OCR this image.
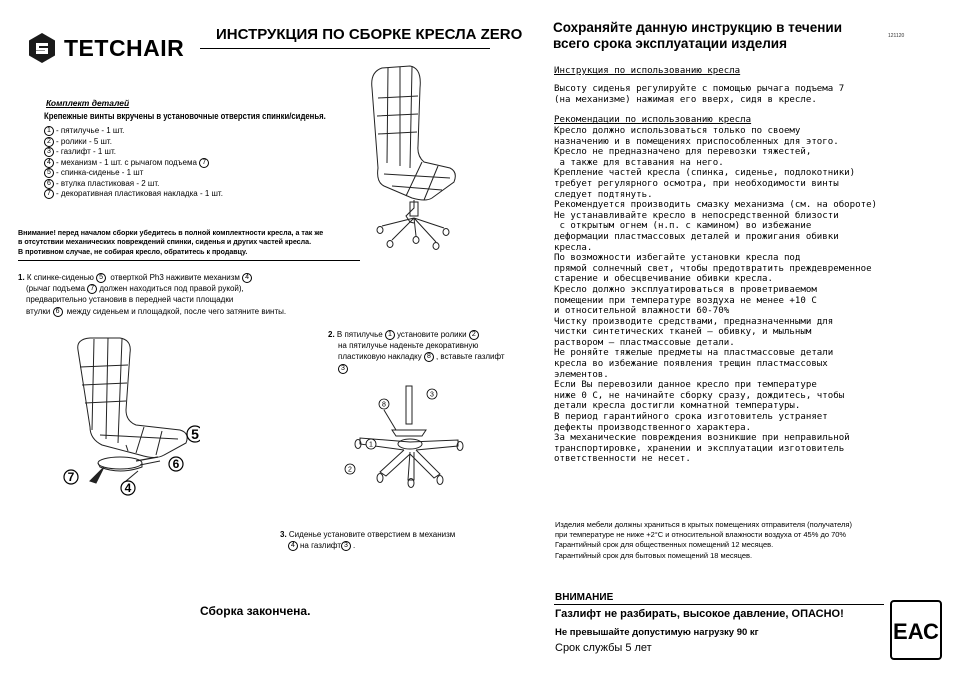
TETCHAIR ИНСТРУКЦИЯ ПО СБОРКЕ КРЕСЛА ZERO
Комплект деталей
Крепежные винты вкручены в установочные отверстия спинки/сиденья.
1 - пятилучье - 1 шт.
2 - ролики - 5 шт.
3 - газлифт - 1 шт.
4 - механизм - 1 шт. с рычагом подъема 7
5 - спинка-сиденье - 1 шт
6 - втулка пластиковая - 2 шт.
7 - декоративная пластиковая накладка - 1 шт.
Внимание! перед началом сборки убедитесь в полной комплектности кресла, а так же
в отсутствии механических повреждений спинки, сиденья и других частей кресла.
В противном случае, не собирая кресло, обратитесь к продавцу.
1. К спинке-сиденью 5 отверткой Ph3 наживите механизм 4
(рычаг подъема 7 должен находиться под правой рукой),
предварительно установив в передней части площадки
втулки 6 между сиденьем и площадкой, после чего затяните винты.
5
6
7
4
2. В пятилучье 1 установите ролики 2
на пятилучье наденьте декоративную
пластиковую накладку 8 , вставьте газлифт 3
8
3
1
2
3. Сиденье установите отверстием в механизм
4 на газлифт 3 .
Сборка закончена.
121120
Сохраняйте данную инструкцию в течении
всего срока эксплуатации изделия
Инструкция по использованию кресла
Высоту сиденья регулируйте с помощью рычага подъема 7
(на механизме) нажимая его вверх, сидя в кресле.
Рекомендации по использованию кресла
Кресло должно использоваться только по своему
назначению и в помещениях приспособленных для этого.
Кресло не предназначено для перевозки тяжестей,
а также для вставания на него.
Крепление частей кресла (спинка, сиденье, подлокотники)
требует регулярного осмотра, при необходимости винты
следует подтянуть.
Рекомендуется производить смазку механизма (см. на обороте)
Не устанавливайте кресло в непосредственной близости
с открытым огнем (н.п. с камином) во избежание
деформации пластмассовых деталей и прожигания обивки
кресла.
По возможности избегайте установки кресла под
прямой солнечный свет, чтобы предотвратить преждевременное
старение и обесцвечивание обивки кресла.
Кресло должно эксплуатироваться в проветриваемом
помещении при температуре воздуха не менее +10 С
и относительной влажности 60-70%
Чистку производите средствами, предназначенными для
чистки синтетических тканей – обивку, и мыльным
раствором – пластмассовые детали.
Не роняйте тяжелые предметы на пластмассовые детали
кресла во избежание появления трещин пластмассовых
элементов.
Если Вы перевозили данное кресло при температуре
ниже 0 С, не начинайте сборку сразу, дождитесь, чтобы
детали кресла достигли комнатной температуры.
В период гарантийного срока изготовитель устраняет
дефекты производственного характера.
За механические повреждения возникшие при неправильной
транспортировке, хранении и эксплуатации изготовитель
ответственности не несет.
Изделия мебели должны храниться в крытых помещениях отправителя (получателя)
при температуре не ниже +2°С и относительной влажности воздуха от 45% до 70%
Гарантийный срок для общественных помещений 12 месяцев.
Гарантийный срок для бытовых помещений 18 месяцев.
ВНИМАНИЕ
Газлифт не разбирать, высокое давление, ОПАСНО!
Не превышайте допустимую нагрузку 90 кг
Срок службы 5 лет
ЕАС
